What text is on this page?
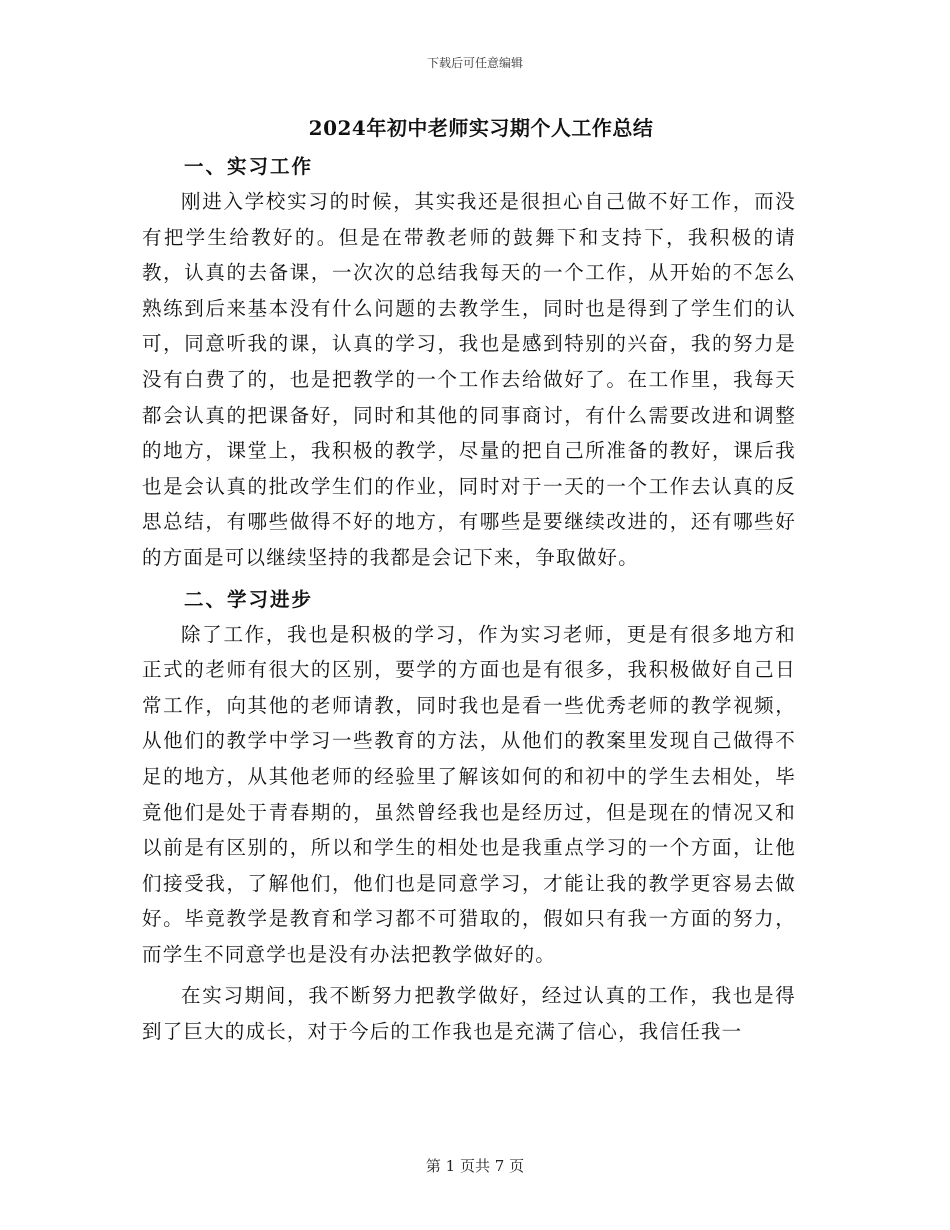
下载后可任意编辑
2024年初中老师实习期个人工作总结

一、实习工作

刚进入学校实习的时候，其实我还是很担心自己做不好工作，而没有把学生给教好的。但是在带教老师的鼓舞下和支持下，我积极的请教，认真的去备课，一次次的总结我每天的一个工作，从开始的不怎么熟练到后来基本没有什么问题的去教学生，同时也是得到了学生们的认可，同意听我的课，认真的学习，我也是感到特别的兴奋，我的努力是没有白费了的，也是把教学的一个工作去给做好了。在工作里，我每天都会认真的把课备好，同时和其他的同事商讨，有什么需要改进和调整的地方，课堂上，我积极的教学，尽量的把自己所准备的教好，课后我也是会认真的批改学生们的作业，同时对于一天的一个工作去认真的反思总结，有哪些做得不好的地方，有哪些是要继续改进的，还有哪些好的方面是可以继续坚持的我都是会记下来，争取做好。

二、学习进步

除了工作，我也是积极的学习，作为实习老师，更是有很多地方和正式的老师有很大的区别，要学的方面也是有很多，我积极做好自己日常工作，向其他的老师请教，同时我也是看一些优秀老师的教学视频，从他们的教学中学习一些教育的方法，从他们的教案里发现自己做得不足的地方，从其他老师的经验里了解该如何的和初中的学生去相处，毕竟他们是处于青春期的，虽然曾经我也是经历过，但是现在的情况又和以前是有区别的，所以和学生的相处也是我重点学习的一个方面，让他们接受我，了解他们，他们也是同意学习，才能让我的教学更容易去做好。毕竟教学是教育和学习都不可猎取的，假如只有我一方面的努力，而学生不同意学也是没有办法把教学做好的。

在实习期间，我不断努力把教学做好，经过认真的工作，我也是得到了巨大的成长，对于今后的工作我也是充满了信心，我信任我一

第 1 页共 7 页
